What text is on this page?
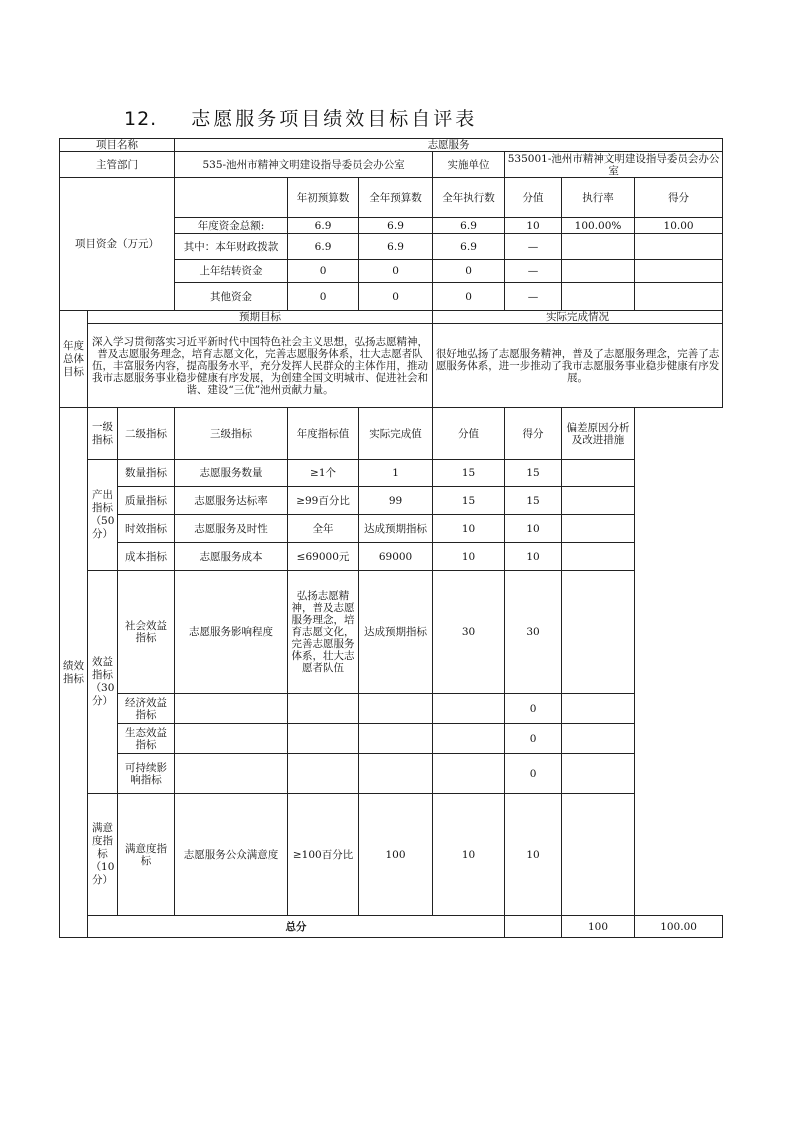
12. 志愿服务项目绩效目标自评表
项目名称			志愿服务							
主管部门			535-池州市精神文明建设指导委员会办公室			实施单位	535001-池州市精神文明建设指导委员会办公室			
项目资金（万元）				年初预算数	全年预算数	全年执行数	分值	执行率	得分	
			年度资金总额:	6.9	6.9	6.9	10	100.00%	10.00	
			其中：本年财政拨款	6.9	6.9	6.9	—			
			上年结转资金	0	0	0	—			
			其他资金	0	0	0	—			
年度总体目标	预期目标					实际完成情况				
	深入学习贯彻落实习近平新时代中国特色社会主义思想，弘扬志愿精神，普及志愿服务理念，培育志愿文化，完善志愿服务体系，壮大志愿者队伍，丰富服务内容，提高服务水平，充分发挥人民群众的主体作用，推动我市志愿服务事业稳步健康有序发展，为创建全国文明城市、促进社会和谐、建设“三优”池州贡献力量。					很好地弘扬了志愿服务精神，普及了志愿服务理念，完善了志愿服务体系，进一步推动了我市志愿服务事业稳步健康有序发展。				
绩效指标	一级指标	二级指标	三级指标	年度指标值	实际完成值	分值	得分	偏差原因分析及改进措施		
	产出指标（50分）	数量指标	志愿服务数量	≥1个	1	15	15			
		质量指标	志愿服务达标率	≥99百分比	99	15	15			
		时效指标	志愿服务及时性	全年	达成预期指标	10	10			
		成本指标	志愿服务成本	≤69000元	69000	10	10			
	效益指标（30分）	社会效益指标	志愿服务影响程度	弘扬志愿精神，普及志愿服务理念，培育志愿文化，完善志愿服务体系，壮大志愿者队伍	达成预期指标	30	30			
		经济效益指标					0			
		生态效益指标					0			
		可持续影响指标					0			
	满意度指标（10分）	满意度指标	志愿服务公众满意度	≥100百分比	100	10	10			
	总分							100	100.00	
